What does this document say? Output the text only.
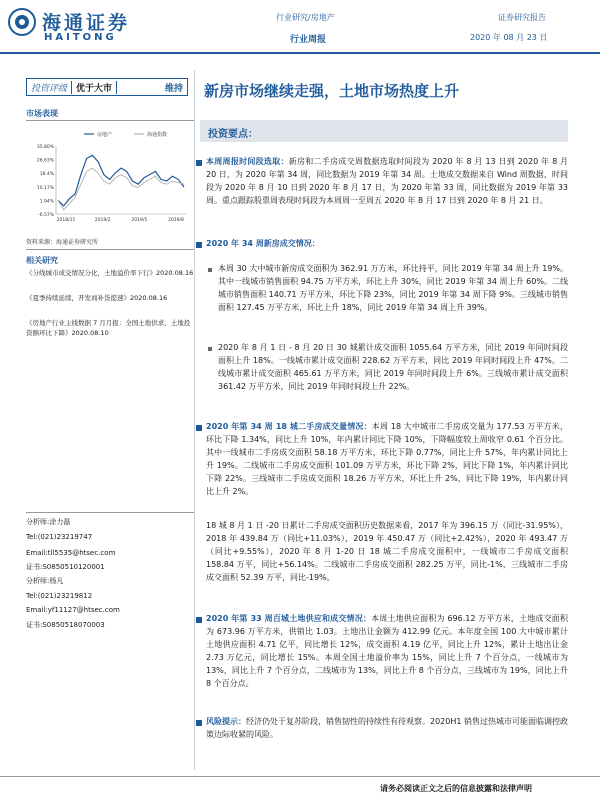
海通证券
HAITONG
行业研究/房地产
行业周报
证券研究报告
2020 年 08 月 23 日
投资评级	优于大市	维持
市场表现
35.80%
26.63%
18.4%
10.17%
1.94%
-6.57%
2018/11	2019/2	2019/5	2019/8
房地产	海通指数
资料来源：海通证券研究所
相关研究
《分线城市成交情况分化，土地溢价率下行》2020.08.16
《夏季持续延续，开发商补货提速》2020.08.16
《房地产行业主线数据 7 月月报：全国土地供求、土地投资额环比下降》2020.08.10
分析师:涂力磊
Tel:(021)23219747
Email:tll5535@htsec.com
证书:S0850510120001
分析师:杨凡
Tel:(021)23219812
Email:yf11127@htsec.com
证书:S0850518070003
新房市场继续走强，土地市场热度上升
投资要点：
本周周报时间段选取：新房和二手房成交周数据选取时间段为 2020 年 8 月 13 日到 2020 年 8 月 20 日，为 2020 年第 34 周，同比数据为 2019 年第 34 周。土地成交数据来自 Wind 周数据，时间段为 2020 年 8 月 10 日到 2020 年 8 月 17 日，为 2020 年第 33 周，同比数据为 2019 年第 33 周。重点跟踪股票周表现时间段为本周周一至周五 2020 年 8 月 17 日到 2020 年 8 月 21 日。
2020 年 34 周新房成交情况：
本周 30 大中城市新房成交面积为 362.91 万方米，环比持平，同比 2019 年第 34 周上升 19%。其中一线城市销售面积 94.75 万平方米，环比上升 30%，同比 2019 年第 34 周上升 60%。二线城市销售面积 140.71 万平方米，环比下降 23%，同比 2019 年第 34 周下降 9%。三线城市销售面积 127.45 万平方米，环比上升 18%，同比 2019 年第 34 周上升 39%。
2020 年 8 月 1 日 - 8 月 20 日 30 城累计成交面积 1055.64 万平方米，同比 2019 年同时间段面积上升 18%。一线城市累计成交面积 228.62 万平方米，同比 2019 年同时间段上升 47%。二线城市累计成交面积 465.61 万平方米，同比 2019 年同时间段上升 6%。三线城市累计成交面积 361.42 万平方米，同比 2019 年同时间段上升 22%。
2020 年第 34 周 18 城二手房成交量情况：本周 18 大中城市二手房成交量为 177.53 万平方米，环比下降 1.34%，同比上升 10%，年内累计同比下降 10%，下降幅度较上周收窄 0.61 个百分比。其中一线城市二手房成交面积 58.18 万平方米，环比下降 0.77%，同比上升 57%，年内累计同比上升 19%。二线城市二手房成交面积 101.09 万平方米，环比下降 2%，同比下降 1%，年内累计同比下降 22%。三线城市二手房成交面积 18.26 万平方米，环比上升 2%，同比下降 19%，年内累计同比上升 2%。
18 城 8 月 1 日 -20 日累计二手房成交面积历史数据来看，2017 年为 396.15 万（同比-31.95%），2018 年 439.84 万（同比+11.03%），2019 年 450.47 万（同比+2.42%），2020 年 493.47 万（同比+9.55%），2020 年 8 月 1-20 日 18 城二手房成交面积中，一线城市二手房成交面积 158.84 万平，同比+56.14%。二线城市二手房成交面积 282.25 万平，同比-1%，三线城市二手房成交面积 52.39 万平，同比-19%。
2020 年第 33 周百城土地供应和成交情况：本周土地供应面积为 696.12 万平方米，土地成交面积为 673.96 万平方米，供销比 1.03。土地出让金额为 412.99 亿元。本年度全国 100 大中城市累计土地供应面积 4.71 亿平，同比增长 12%，成交面积 4.19 亿平，同比上升 12%，累计土地出让金 2.73 万亿元，同比增长 15%。本周全国土地溢价率为 15%，同比上升 7 个百分点，一线城市为 13%，同比上升 7 个百分点，二线城市为 13%，同比上升 8 个百分点，三线城市为 19%，同比上升 8 个百分点。
风险提示：经济仍处于复苏阶段，销售韧性的持续性有待观察。2020H1 销售过热城市可能面临调控政策边际收紧的风险。
请务必阅读正文之后的信息披露和法律声明
